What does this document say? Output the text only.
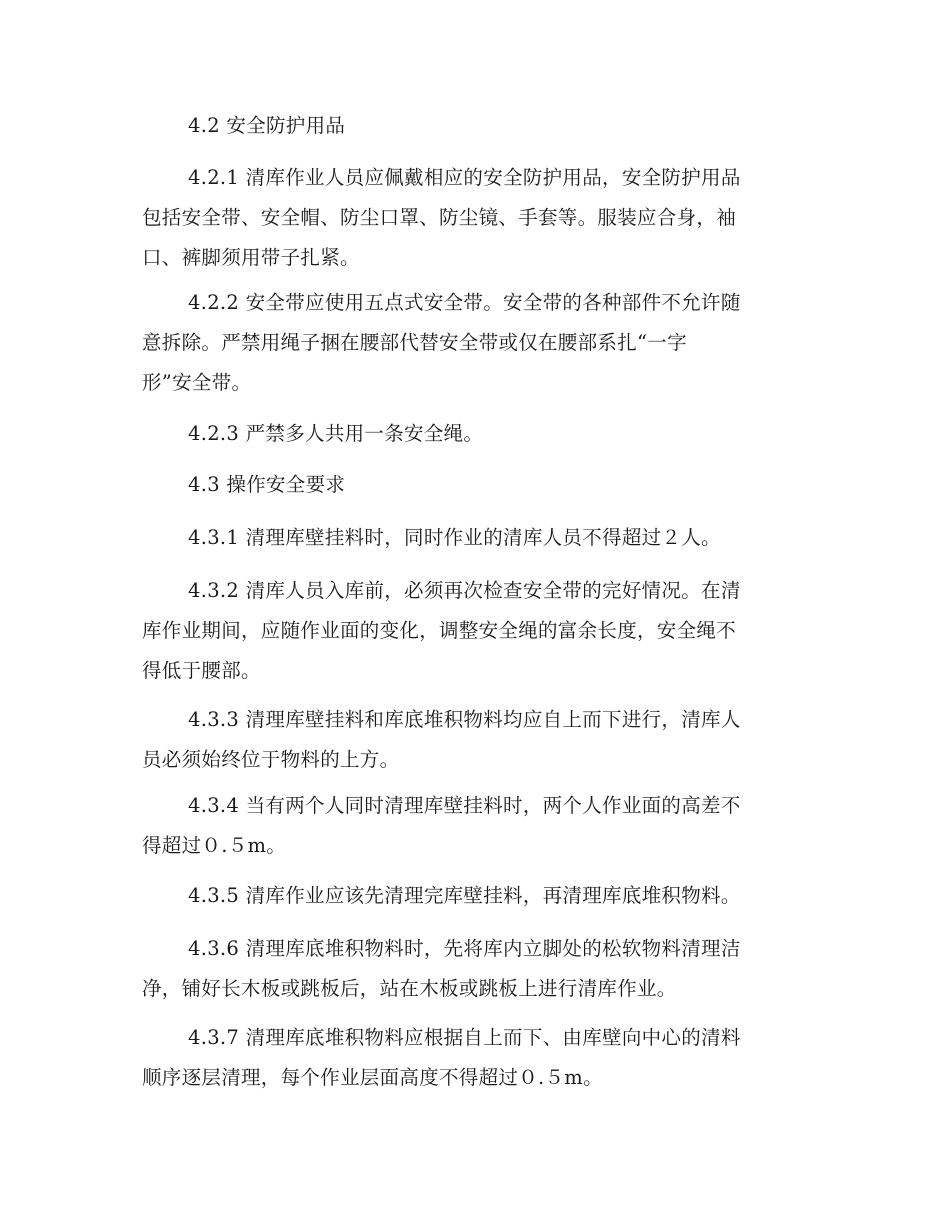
4.2 安全防护用品
4.2.1 清库作业人员应佩戴相应的安全防护用品，安全防护用品
包括安全带、安全帽、防尘口罩、防尘镜、手套等。服装应合身，袖
口、裤脚须用带子扎紧。
4.2.2 安全带应使用五点式安全带。安全带的各种部件不允许随
意拆除。严禁用绳子捆在腰部代替安全带或仅在腰部系扎“一字
形”安全带。
4.2.3 严禁多人共用一条安全绳。
4.3 操作安全要求
4.3.1 清理库壁挂料时，同时作业的清库人员不得超过２人。
4.3.2 清库人员入库前，必须再次检查安全带的完好情况。在清
库作业期间，应随作业面的变化，调整安全绳的富余长度，安全绳不
得低于腰部。
4.3.3 清理库壁挂料和库底堆积物料均应自上而下进行，清库人
员必须始终位于物料的上方。
4.3.4 当有两个人同时清理库壁挂料时，两个人作业面的高差不
得超过０.５m。
4.3.5 清库作业应该先清理完库壁挂料，再清理库底堆积物料。
4.3.6 清理库底堆积物料时，先将库内立脚处的松软物料清理洁
净，铺好长木板或跳板后，站在木板或跳板上进行清库作业。
4.3.7 清理库底堆积物料应根据自上而下、由库壁向中心的清料
顺序逐层清理，每个作业层面高度不得超过０.５m。
